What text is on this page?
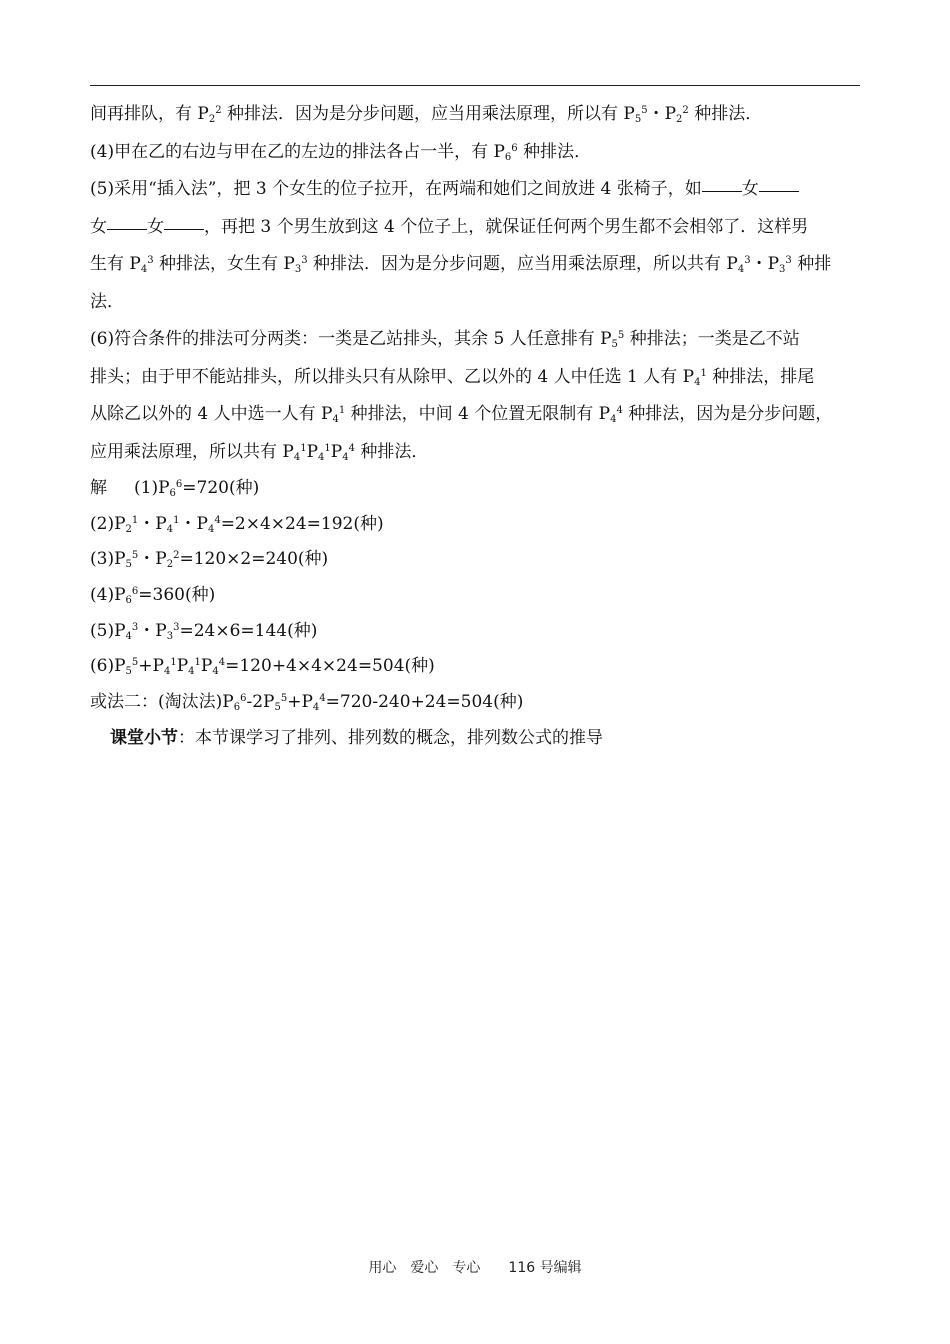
间再排队，有 $P_2^2$ 种排法．因为是分步问题，应当用乘法原理，所以有 $P_5^5$・$P_2^2$ 种排法．
(4)甲在乙的右边与甲在乙的左边的排法各占一半，有 $P_6^6$ 种排法．
(5)采用“插入法”，把 3 个女生的位子拉开，在两端和她们之间放进 4 张椅子，如 女
女 女 ，再把 3 个男生放到这 4 个位子上，就保证任何两个男生都不会相邻了．这样男
生有 $P_4^3$ 种排法，女生有 $P_3^3$ 种排法．因为是分步问题，应当用乘法原理，所以共有 $P_4^3$・$P_3^3$ 种排
法．
(6)符合条件的排法可分两类：一类是乙站排头，其余 5 人任意排有 $P_5^5$ 种排法；一类是乙不站
排头；由于甲不能站排头，所以排头只有从除甲、乙以外的 4 人中任选 1 人有 $P_4^1$ 种排法，排尾
从除乙以外的 4 人中选一人有 $P_4^1$ 种排法，中间 4 个位置无限制有 $P_4^4$ 种排法，因为是分步问题，
应用乘法原理，所以共有 $P_4^1P_4^1P_4^4$ 种排法．
解 $(1)P_6^6=720$(种)
$(2)P_2^1$・$P_4^1$・$P_4^4=2\times 4\times 24=192$(种)
$(3)P_5^5$・$P_2^2=120\times 2=240$(种)
$(4)P_6^6=360$(种)
$(5)P_4^3$・$P_3^3=24\times 6=144$(种)
$(6)P_5^5+P_4^1P_4^1P_4^4=120+4\times 4\times 24=504$(种)
或法二：(淘汰法)$P_6^6-2P_5^5+P_4^4=720-240+24=504$(种)
课堂小节：本节课学习了排列、排列数的概念，排列数公式的推导
用心　爱心　专心　　116 号编辑
